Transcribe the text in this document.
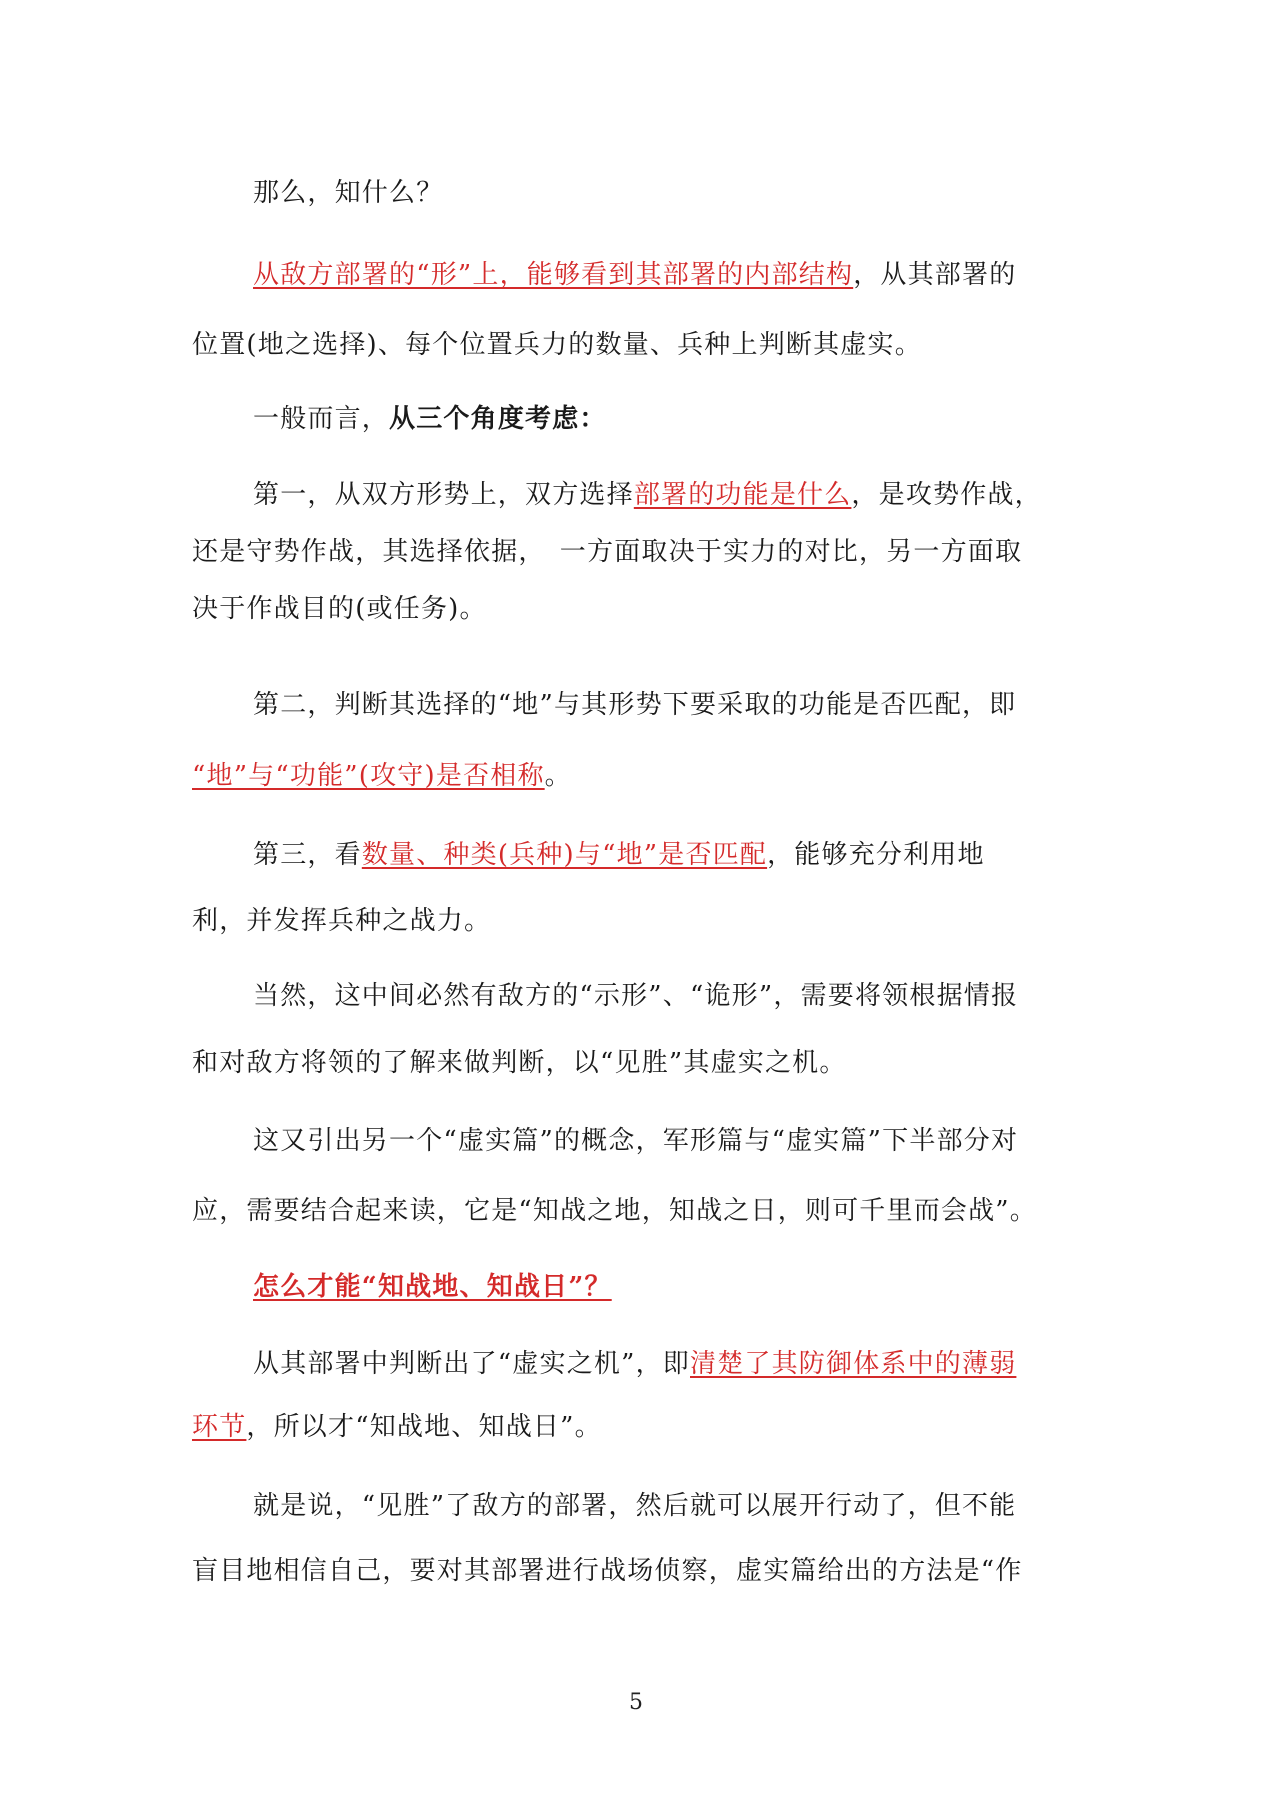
那么，知什么？
从敌方部署的“形”上，能够看到其部署的内部结构，从其部署的
位置(地之选择)、每个位置兵力的数量、兵种上判断其虚实。
一般而言，从三个角度考虑：
第一，从双方形势上，双方选择部署的功能是什么，是攻势作战，
还是守势作战，其选择依据，　一方面取决于实力的对比，另一方面取
决于作战目的(或任务)。
第二，判断其选择的“地”与其形势下要采取的功能是否匹配，即
“地”与“功能”(攻守)是否相称。
第三，看数量、种类(兵种)与“地”是否匹配，能够充分利用地
利，并发挥兵种之战力。
当然，这中间必然有敌方的“示形”、“诡形”，需要将领根据情报
和对敌方将领的了解来做判断，以“见胜”其虚实之机。
这又引出另一个“虚实篇”的概念，军形篇与“虚实篇”下半部分对
应，需要结合起来读，它是“知战之地，知战之日，则可千里而会战”。
怎么才能“知战地、知战日”？
从其部署中判断出了“虚实之机”，即清楚了其防御体系中的薄弱
环节，所以才“知战地、知战日”。
就是说，“见胜”了敌方的部署，然后就可以展开行动了，但不能
盲目地相信自己，要对其部署进行战场侦察，虚实篇给出的方法是“作
5
